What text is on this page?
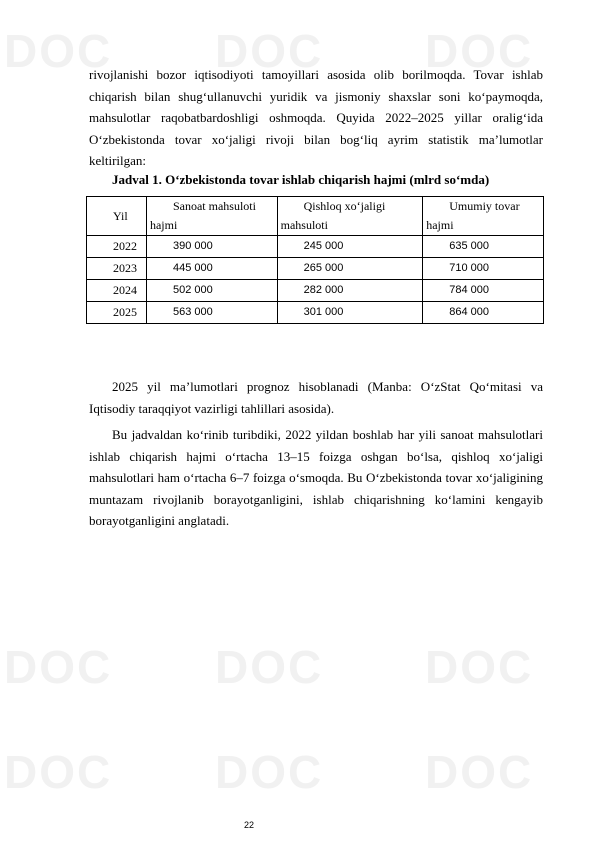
DOC DOC DOC
DOC DOC DOC
DOC DOC DOC

rivojlanishi bozor iqtisodiyoti tamoyillari asosida olib borilmoqda. Tovar ishlab chiqarish bilan shug‘ullanuvchi yuridik va jismoniy shaxslar soni ko‘paymoqda, mahsulotlar raqobatbardoshligi oshmoqda. Quyida 2022–2025 yillar oralig‘ida O‘zbekistonda tovar xo‘jaligi rivoji bilan bog‘liq ayrim statistik ma’lumotlar keltirilgan:

Jadval 1. O‘zbekistonda tovar ishlab chiqarish hajmi (mlrd so‘mda)
Yil	Sanoat mahsuloti hajmi	Qishloq xo‘jaligi mahsuloti	Umumiy tovar hajmi

2022	390 000	245 000	635 000
2023	445 000	265 000	710 000
2024	502 000	282 000	784 000
2025	563 000	301 000	864 000

2025 yil ma’lumotlari prognoz hisoblanadi (Manba: O‘zStat Qo‘mitasi va Iqtisodiy taraqqiyot vazirligi tahlillari asosida).

Bu jadvaldan ko‘rinib turibdiki, 2022 yildan boshlab har yili sanoat mahsulotlari ishlab chiqarish hajmi o‘rtacha 13–15 foizga oshgan bo‘lsa, qishloq xo‘jaligi mahsulotlari ham o‘rtacha 6–7 foizga o‘smoqda. Bu O‘zbekistonda tovar xo‘jaligining muntazam rivojlanib borayotganligini, ishlab chiqarishning ko‘lamini kengayib borayotganligini anglatadi.

22
